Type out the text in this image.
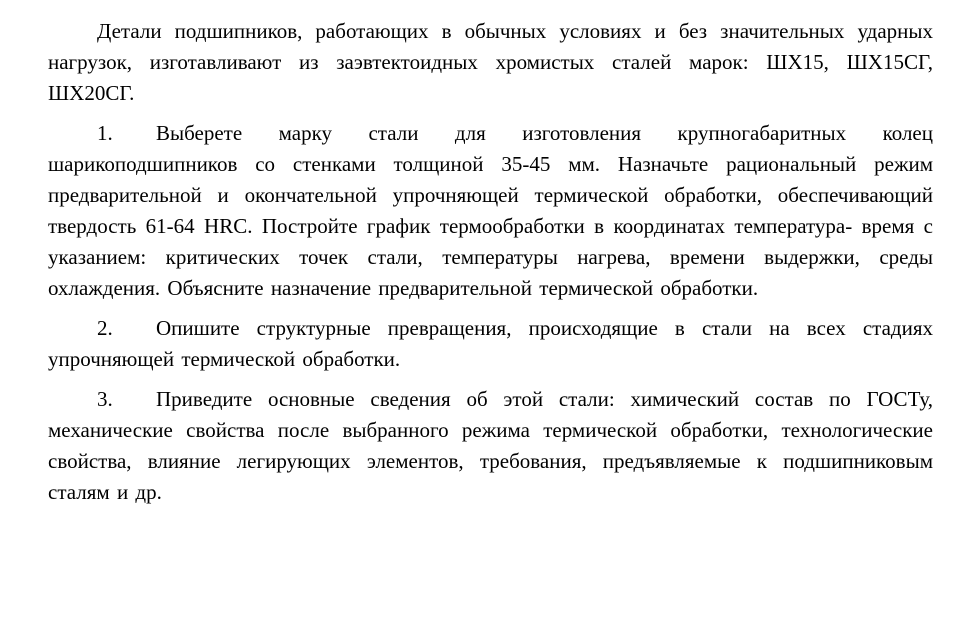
Детали подшипников, работающих в обычных условиях и без значительных ударных нагрузок, изготавливают из заэвтектоидных хромистых сталей марок: ШХ15, ШХ15СГ, ШХ20СГ.

1. Выберете марку стали для изготовления крупногабаритных колец шарикоподшипников со стенками толщиной 35-45 мм. Назначьте рациональный режим предварительной и окончательной упрочняющей термической обработки, обеспечивающий твердость 61-64 HRC. Постройте график термообработки в координатах температура- время с указанием: критических точек стали, температуры нагрева, времени выдержки, среды охлаждения. Объясните назначение предварительной термической обработки.

2. Опишите структурные превращения, происходящие в стали на всех стадиях упрочняющей термической обработки.

3. Приведите основные сведения об этой стали: химический состав по ГОСТу, механические свойства после выбранного режима термической обработки, технологические свойства, влияние легирующих элементов, требования, предъявляемые к подшипниковым сталям и др.
